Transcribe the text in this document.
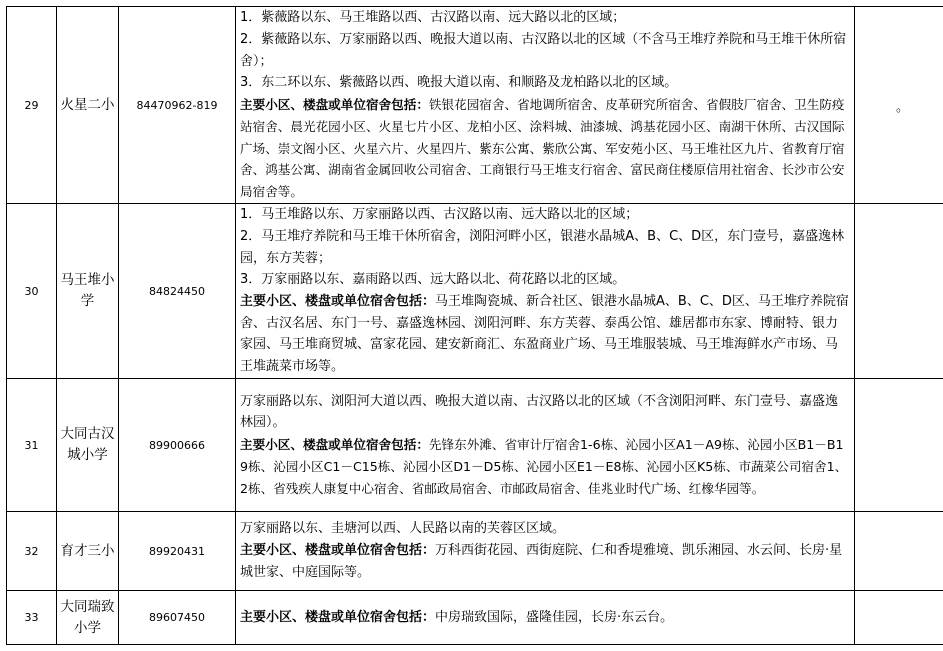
29	火星二小	84470962-819	1．紫薇路以东、马王堆路以西、古汉路以南、远大路以北的区域；
2．紫薇路以东、万家丽路以西、晚报大道以南、古汉路以北的区域（不含马王堆疗养院和马王堆干休所宿舍）；
3．东二环以东、紫薇路以西、晚报大道以南、和顺路及龙柏路以北的区域。
主要小区、楼盘或单位宿舍包括：铁银花园宿舍、省地调所宿舍、皮革研究所宿舍、省假肢厂宿舍、卫生防疫站宿舍、晨光花园小区、火星七片小区、龙柏小区、涂料城、油漆城、鸿基花园小区、南湖干休所、古汉国际广场、崇文阁小区、火星六片、火星四片、紫东公寓、紫欣公寓、军安苑小区、马王堆社区九片、省教育厅宿舍、鸿基公寓、湖南省金属回收公司宿舍、工商银行马王堆支行宿舍、富民商住楼原信用社宿舍、长沙市公安局宿舍等。	。
30	马王堆小学	84824450	1．马王堆路以东、万家丽路以西、古汉路以南、远大路以北的区域；
2．马王堆疗养院和马王堆干休所宿舍，浏阳河畔小区，银港水晶城A、B、C、D区，东门壹号，嘉盛逸林园，东方芙蓉；
3．万家丽路以东、嘉雨路以西、远大路以北、荷花路以北的区域。
主要小区、楼盘或单位宿舍包括：马王堆陶瓷城、新合社区、银港水晶城A、B、C、D区、马王堆疗养院宿舍、古汉名居、东门一号、嘉盛逸林园、浏阳河畔、东方芙蓉、泰禹公馆、雄居都市东家、博耐特、银力家园、马王堆商贸城、富家花园、建安新商汇、东盈商业广场、马王堆服装城、马王堆海鲜水产市场、马王堆蔬菜市场等。	

31	大同古汉城小学	89900666	万家丽路以东、浏阳河大道以西、晚报大道以南、古汉路以北的区域（不含浏阳河畔、东门壹号、嘉盛逸林园）。
主要小区、楼盘或单位宿舍包括：先锋东外滩、省审计厅宿舍1-6栋、沁园小区A1－A9栋、沁园小区B1－B19栋、沁园小区C1－C15栋、沁园小区D1－D5栋、沁园小区E1－E8栋、沁园小区K5栋、市蔬菜公司宿舍1、2栋、省残疾人康复中心宿舍、省邮政局宿舍、市邮政局宿舍、佳兆业时代广场、红橡华园等。	

32	育才三小	89920431	万家丽路以东、圭塘河以西、人民路以南的芙蓉区区域。
主要小区、楼盘或单位宿舍包括：万科西街花园、西街庭院、仁和香堤雅境、凯乐湘园、水云间、长房·星城世家、中庭国际等。	

33	大同瑞致小学	89607450	主要小区、楼盘或单位宿舍包括：中房瑞致国际，盛隆佳园，长房·东云台。	
